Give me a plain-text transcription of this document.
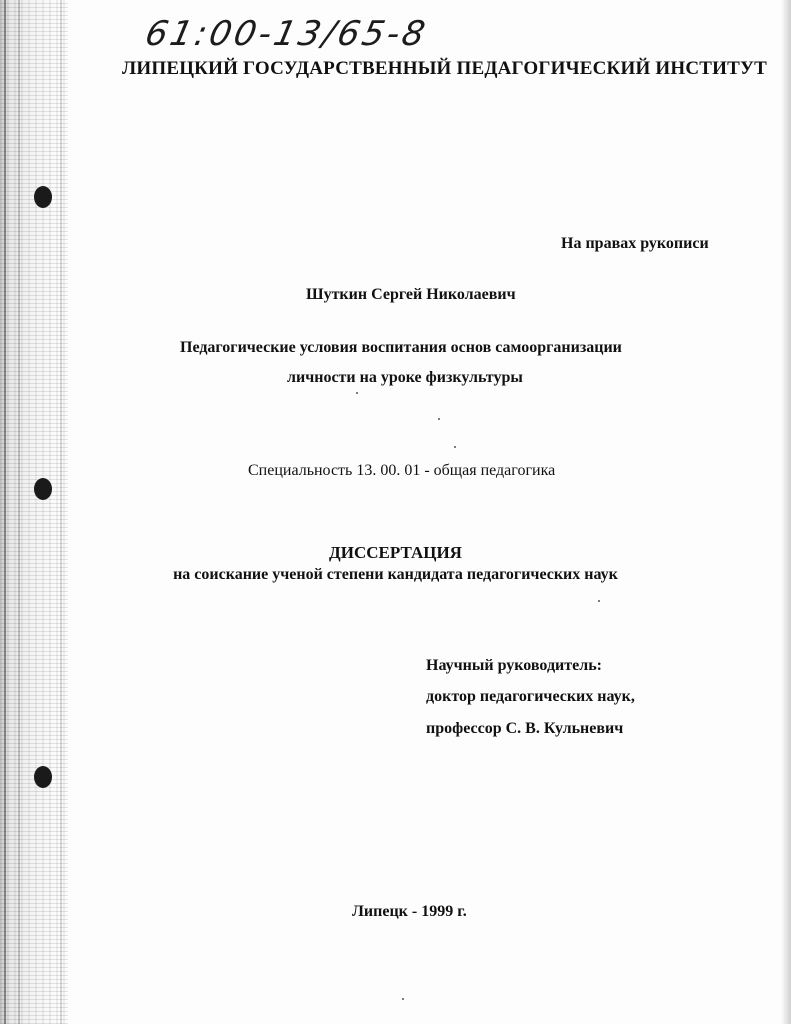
61:00-13/65-8
ЛИПЕЦКИЙ ГОСУДАРСТВЕННЫЙ ПЕДАГОГИЧЕСКИЙ ИНСТИТУТ
На правах рукописи
Шуткин Сергей Николаевич
Педагогические условия воспитания основ самоорганизации
личности на уроке физкультуры
Специальность 13. 00. 01 - общая педагогика
ДИССЕРТАЦИЯ
на соискание ученой степени кандидата педагогических наук
Научный руководитель:
доктор педагогических наук,
профессор С. В. Кульневич
Липецк - 1999 г.
